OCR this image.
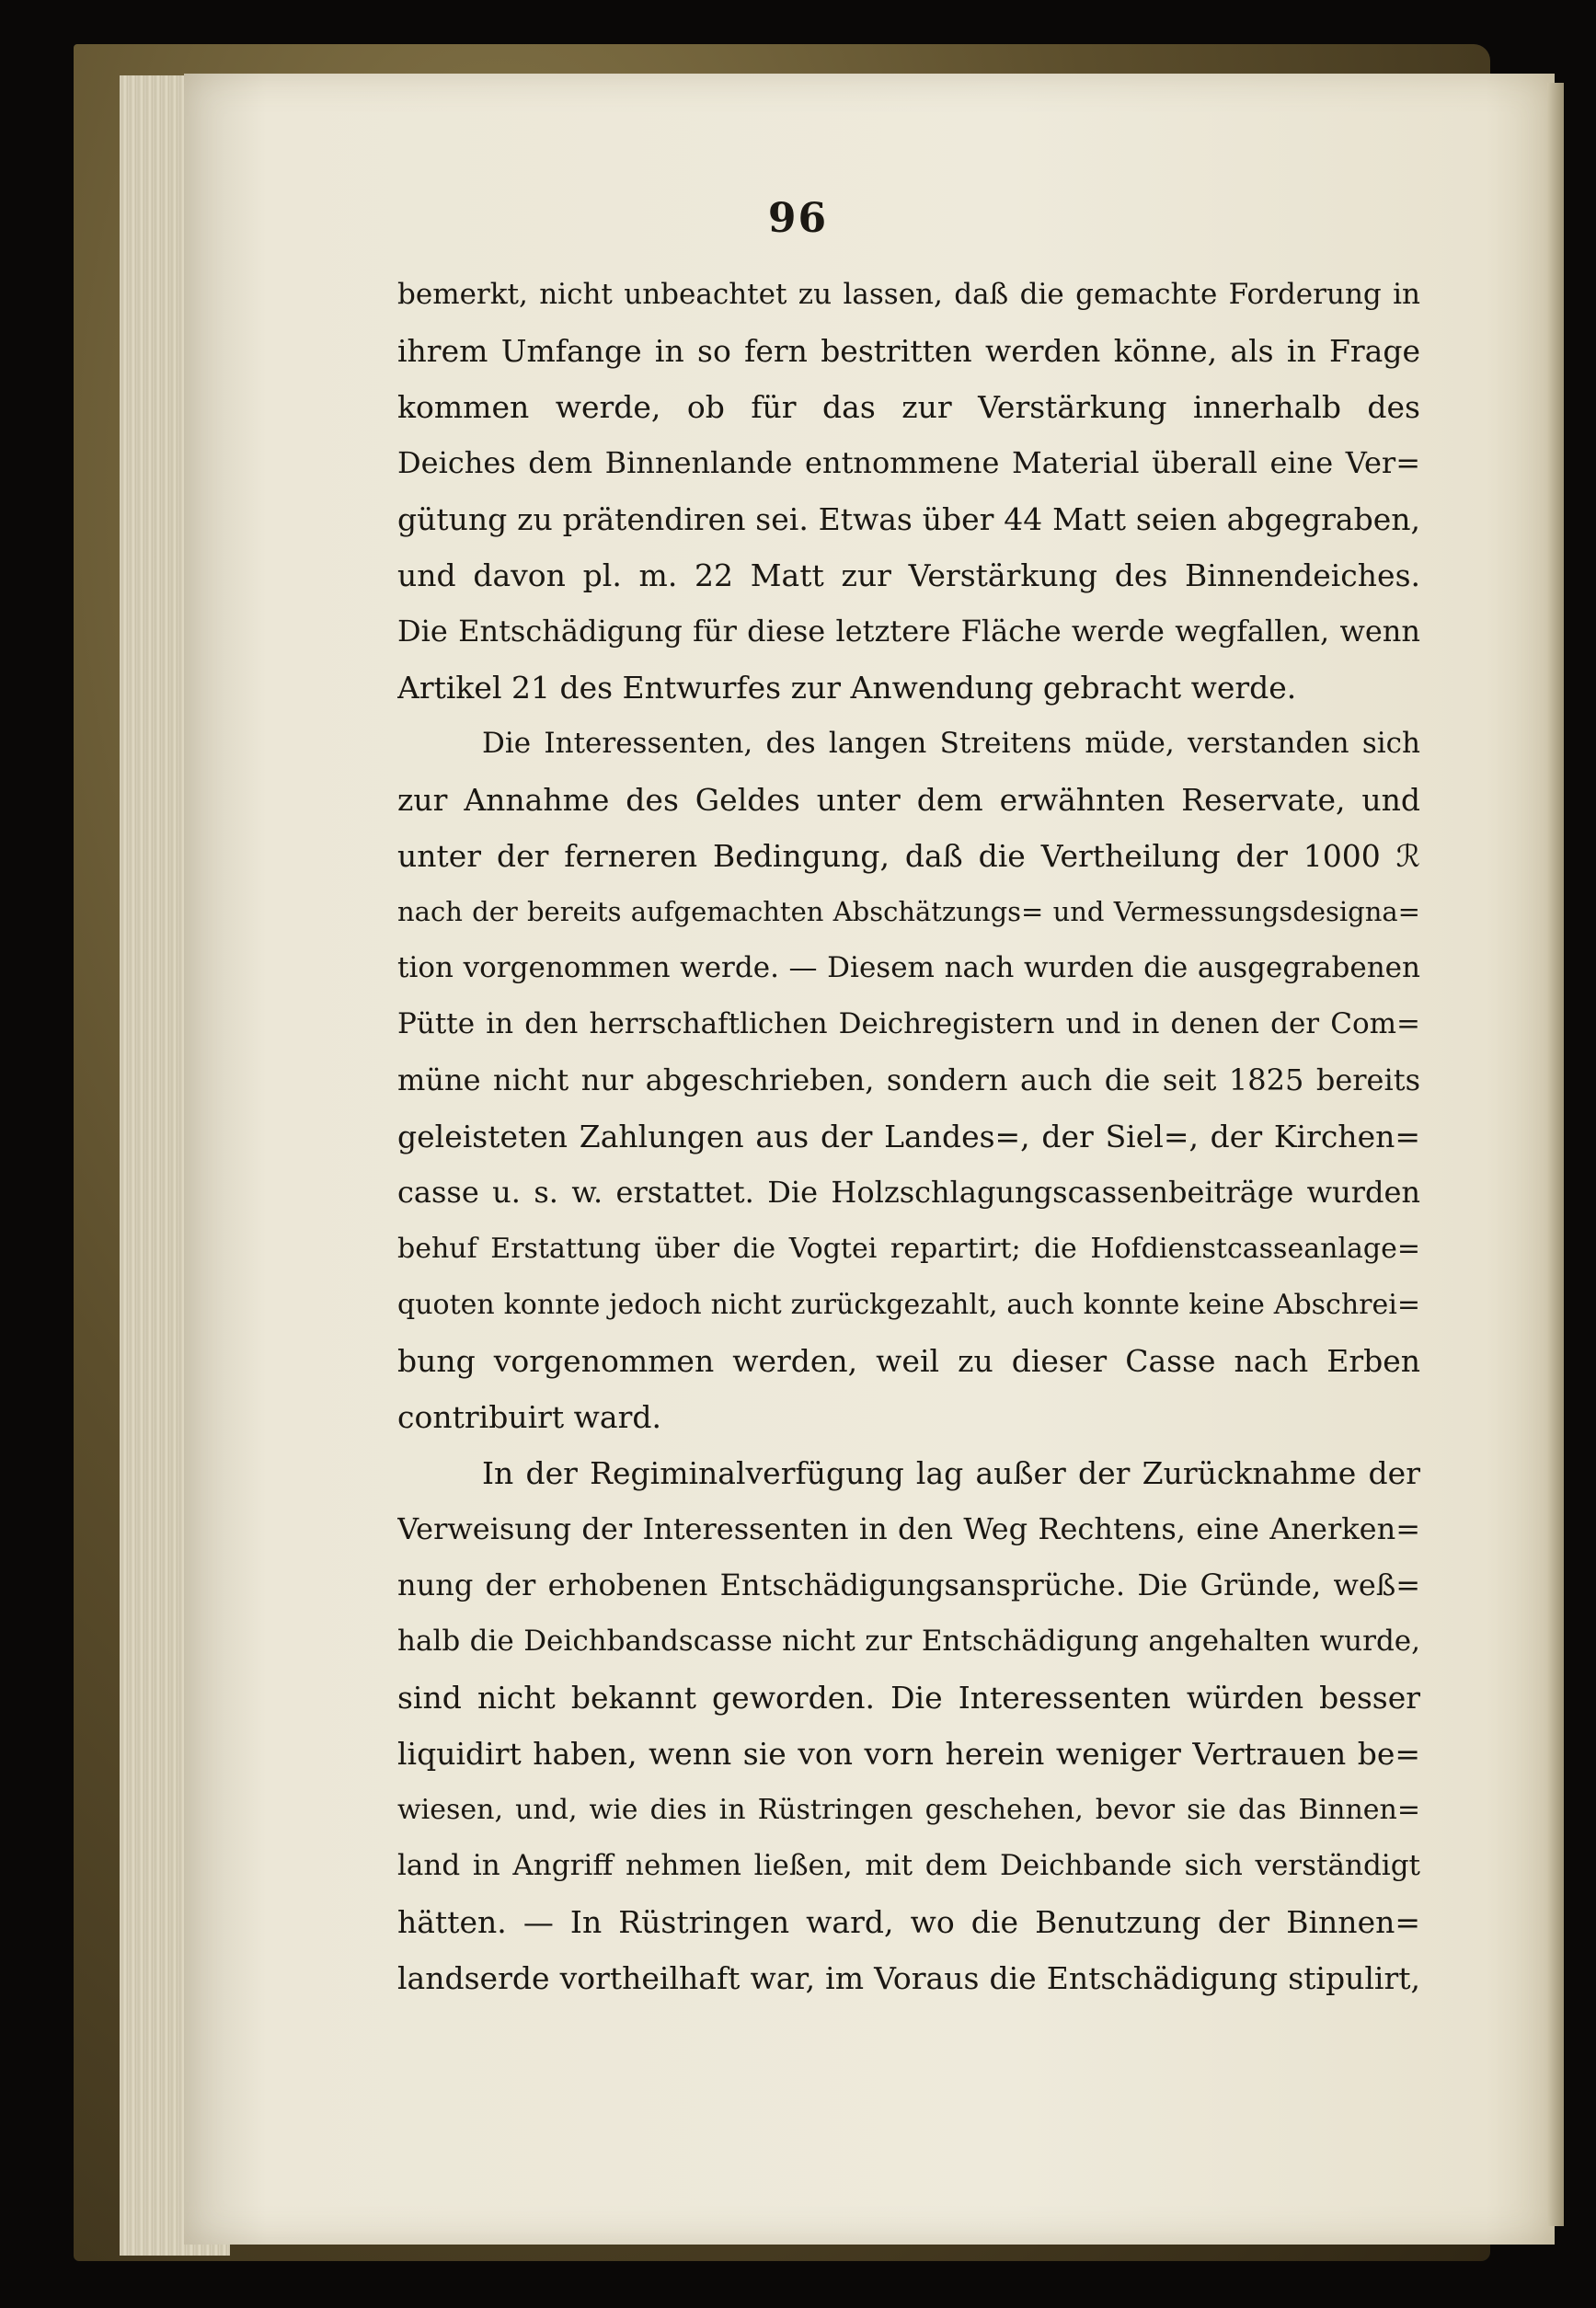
96
bemerkt, nicht unbeachtet zu lassen, daß die gemachte Forderung in
ihrem Umfange in so fern bestritten werden könne, als in Frage
kommen werde, ob für das zur Verstärkung innerhalb des
Deiches dem Binnenlande entnommene Material überall eine Ver=
gütung zu prätendiren sei. Etwas über 44 Matt seien abgegraben,
und davon pl. m. 22 Matt zur Verstärkung des Binnendeiches.
Die Entschädigung für diese letztere Fläche werde wegfallen, wenn
Artikel 21 des Entwurfes zur Anwendung gebracht werde.
Die Interessenten, des langen Streitens müde, verstanden sich
zur Annahme des Geldes unter dem erwähnten Reservate, und
unter der ferneren Bedingung, daß die Vertheilung der 1000 ℛ
nach der bereits aufgemachten Abschätzungs= und Vermessungsdesigna=
tion vorgenommen werde. — Diesem nach wurden die ausgegrabenen
Pütte in den herrschaftlichen Deichregistern und in denen der Com=
müne nicht nur abgeschrieben, sondern auch die seit 1825 bereits
geleisteten Zahlungen aus der Landes=, der Siel=, der Kirchen=
casse u. s. w. erstattet. Die Holzschlagungscassenbeiträge wurden
behuf Erstattung über die Vogtei repartirt; die Hofdienstcasseanlage=
quoten konnte jedoch nicht zurückgezahlt, auch konnte keine Abschrei=
bung vorgenommen werden, weil zu dieser Casse nach Erben
contribuirt ward.
In der Regiminalverfügung lag außer der Zurücknahme der
Verweisung der Interessenten in den Weg Rechtens, eine Anerken=
nung der erhobenen Entschädigungsansprüche. Die Gründe, weß=
halb die Deichbandscasse nicht zur Entschädigung angehalten wurde,
sind nicht bekannt geworden. Die Interessenten würden besser
liquidirt haben, wenn sie von vorn herein weniger Vertrauen be=
wiesen, und, wie dies in Rüstringen geschehen, bevor sie das Binnen=
land in Angriff nehmen ließen, mit dem Deichbande sich verständigt
hätten. — In Rüstringen ward, wo die Benutzung der Binnen=
landserde vortheilhaft war, im Voraus die Entschädigung stipulirt,
